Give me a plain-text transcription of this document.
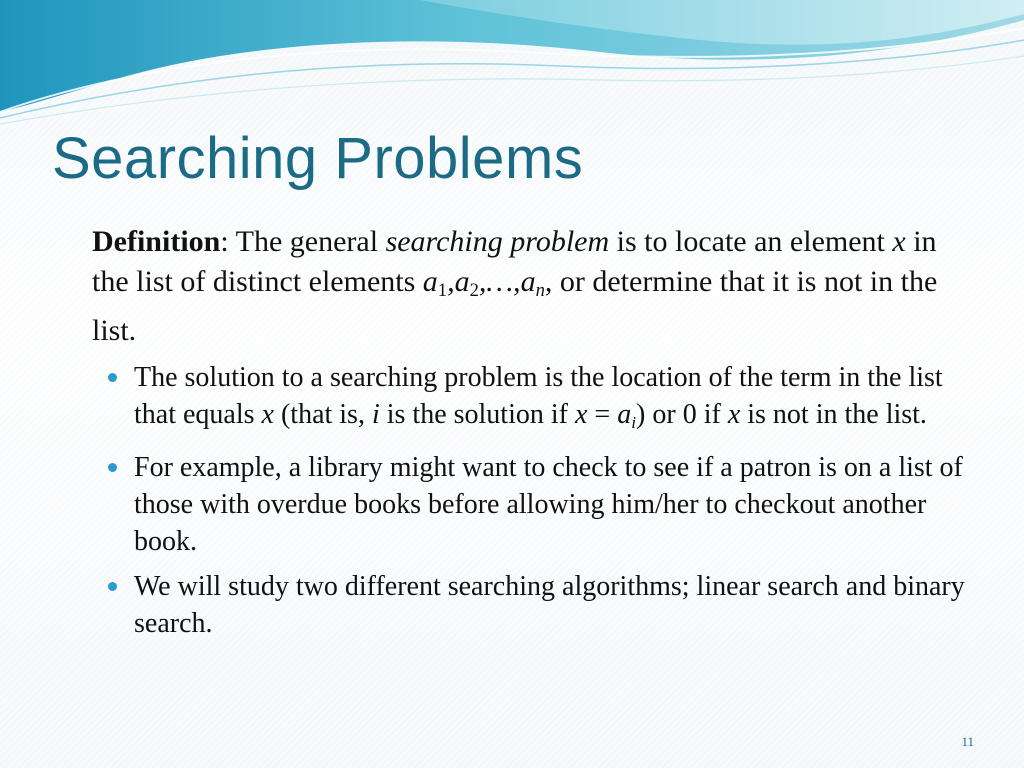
Searching Problems

Definition: The general searching problem is to locate an element x in the list of distinct elements $a_1,a_2,\dots,a_n$, or determine that it is not in the list.

The solution to a searching problem is the location of the term in the list that equals x (that is, i is the solution if $x = a_i$) or 0 if x is not in the list.
For example, a library might want to check to see if a patron is on a list of those with overdue books before allowing him/her to checkout another book.
We will study two different searching algorithms; linear search and binary search.
11
